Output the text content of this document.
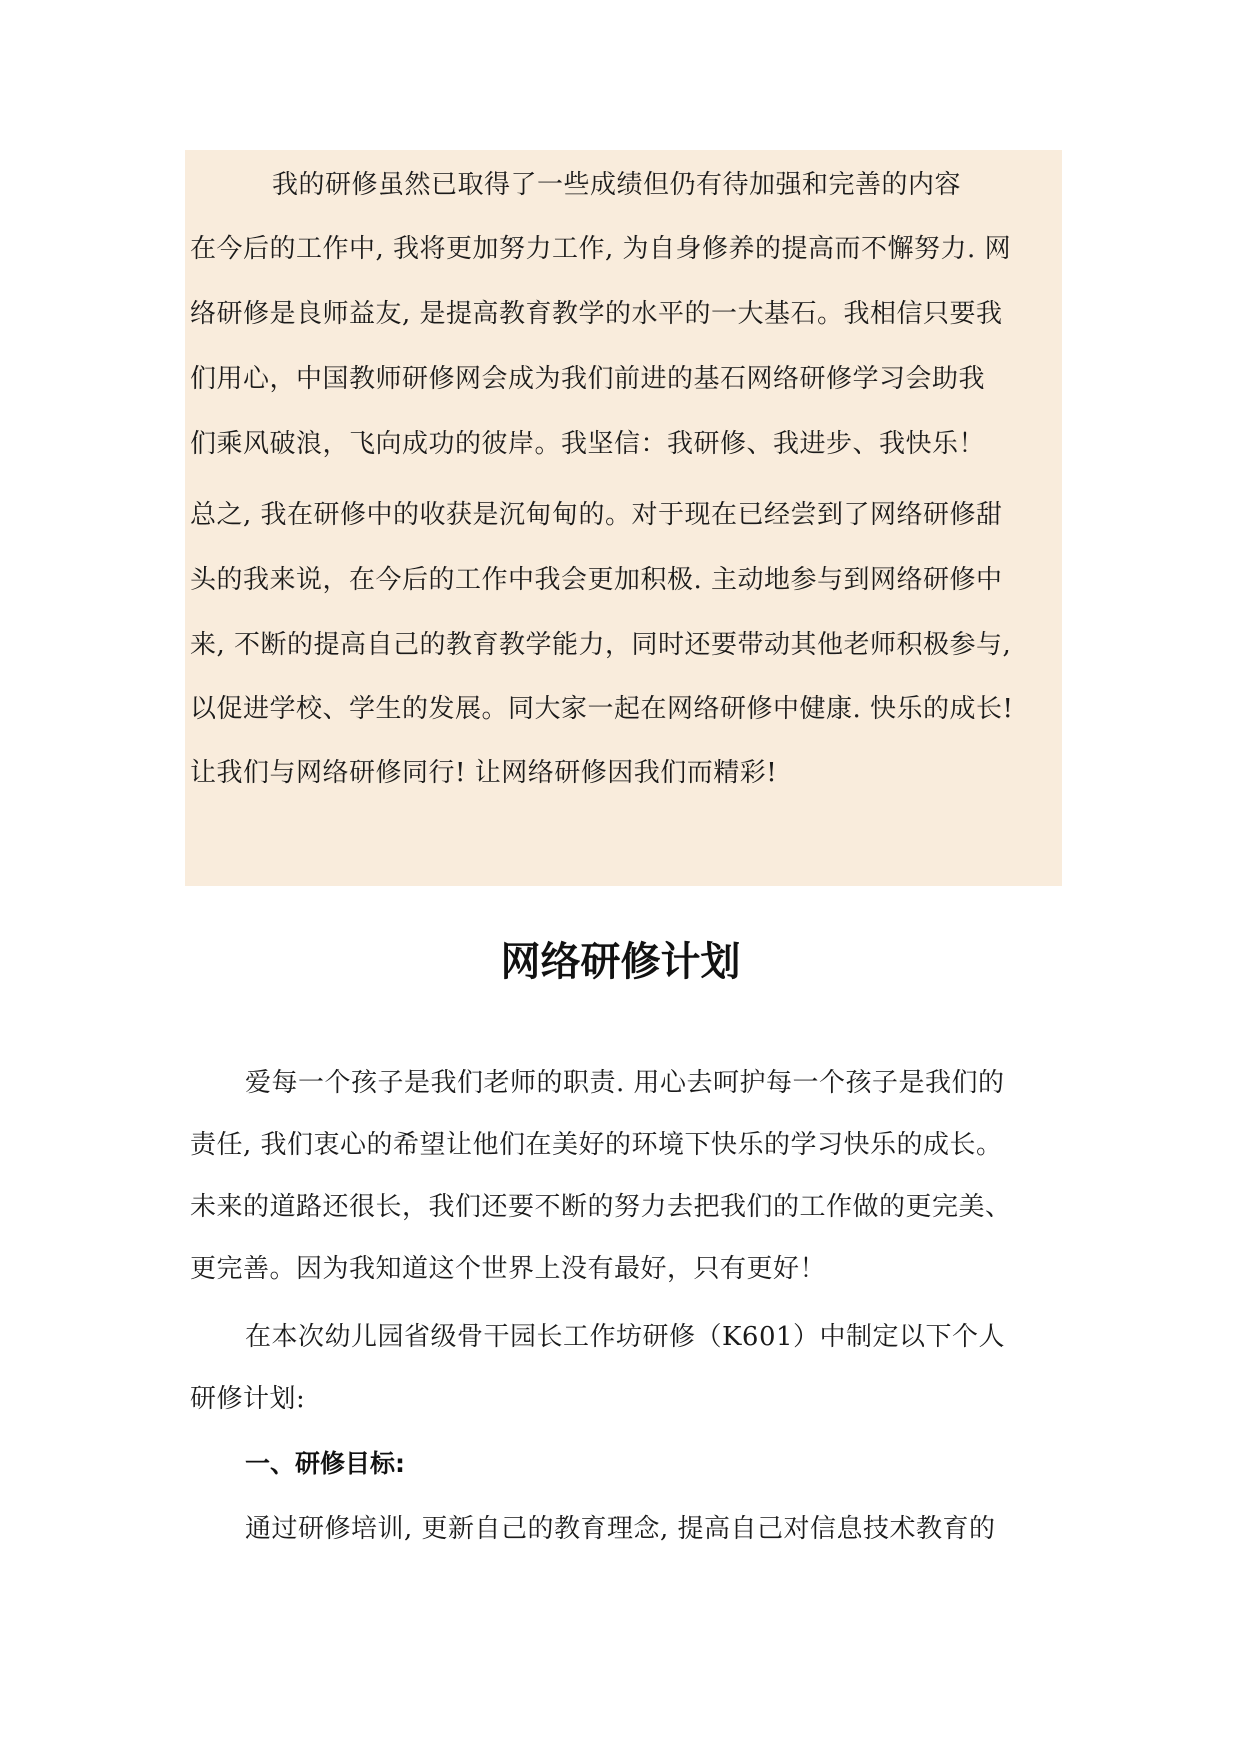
我的研修虽然已取得了一些成绩但仍有待加强和完善的内容
在今后的工作中, 我将更加努力工作, 为自身修养的提高而不懈努力. 网
络研修是良师益友, 是提高教育教学的水平的一大基石。我相信只要我
们用心，中国教师研修网会成为我们前进的基石网络研修学习会助我
们乘风破浪，飞向成功的彼岸。我坚信：我研修、我进步、我快乐！
总之, 我在研修中的收获是沉甸甸的。对于现在已经尝到了网络研修甜
头的我来说，在今后的工作中我会更加积极. 主动地参与到网络研修中
来, 不断的提高自己的教育教学能力，同时还要带动其他老师积极参与,
以促进学校、学生的发展。同大家一起在网络研修中健康. 快乐的成长!
让我们与网络研修同行! 让网络研修因我们而精彩!
网络研修计划
爱每一个孩子是我们老师的职责. 用心去呵护每一个孩子是我们的
责任, 我们衷心的希望让他们在美好的环境下快乐的学习快乐的成长。
未来的道路还很长，我们还要不断的努力去把我们的工作做的更完美、
更完善。因为我知道这个世界上没有最好，只有更好！
在本次幼儿园省级骨干园长工作坊研修（K601）中制定以下个人
研修计划:
一、研修目标:
通过研修培训, 更新自己的教育理念, 提高自己对信息技术教育的
